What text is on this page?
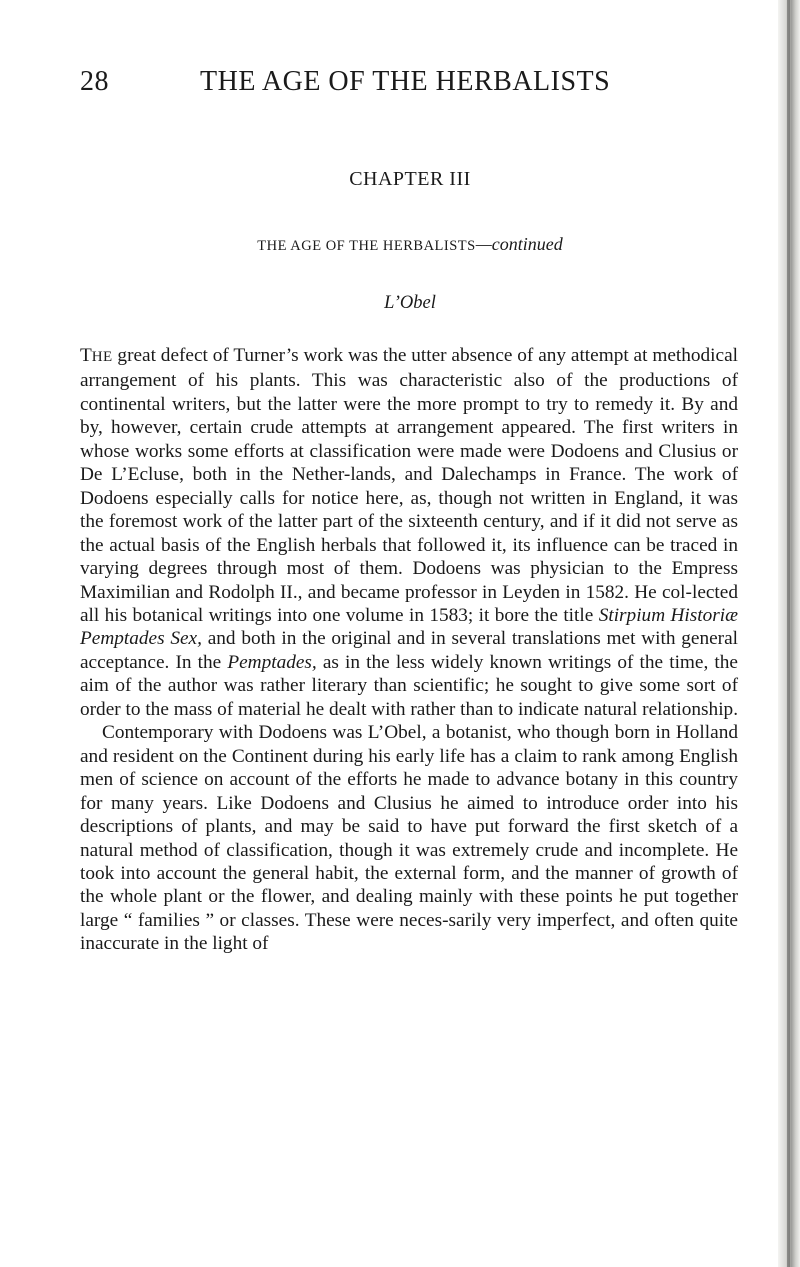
28	THE AGE OF THE HERBALISTS
CHAPTER III
THE AGE OF THE HERBALISTS—continued
L’Obel

THE great defect of Turner’s work was the utter absence of any attempt at methodical arrangement of his plants. This was characteristic also of the productions of continental writers, but the latter were the more prompt to try to remedy it. By and by, however, certain crude attempts at arrangement appeared. The first writers in whose works some efforts at classification were made were Dodoens and Clusius or De L’Ecluse, both in the Nether-lands, and Dalechamps in France. The work of Dodoens especially calls for notice here, as, though not written in England, it was the foremost work of the latter part of the sixteenth century, and if it did not serve as the actual basis of the English herbals that followed it, its influence can be traced in varying degrees through most of them. Dodoens was physician to the Empress Maximilian and Rodolph II., and became professor in Leyden in 1582. He col-lected all his botanical writings into one volume in 1583; it bore the title Stirpium Historiæ Pemptades Sex, and both in the original and in several translations met with general acceptance. In the Pemptades, as in the less widely known writings of the time, the aim of the author was rather literary than scientific; he sought to give some sort of order to the mass of material he dealt with rather than to indicate natural relationship.

Contemporary with Dodoens was L’Obel, a botanist, who though born in Holland and resident on the Continent during his early life has a claim to rank among English men of science on account of the efforts he made to advance botany in this country for many years. Like Dodoens and Clusius he aimed to introduce order into his descriptions of plants, and may be said to have put forward the first sketch of a natural method of classification, though it was extremely crude and incomplete. He took into account the general habit, the external form, and the manner of growth of the whole plant or the flower, and dealing mainly with these points he put together large “ families ” or classes. These were neces-sarily very imperfect, and often quite inaccurate in the light of
